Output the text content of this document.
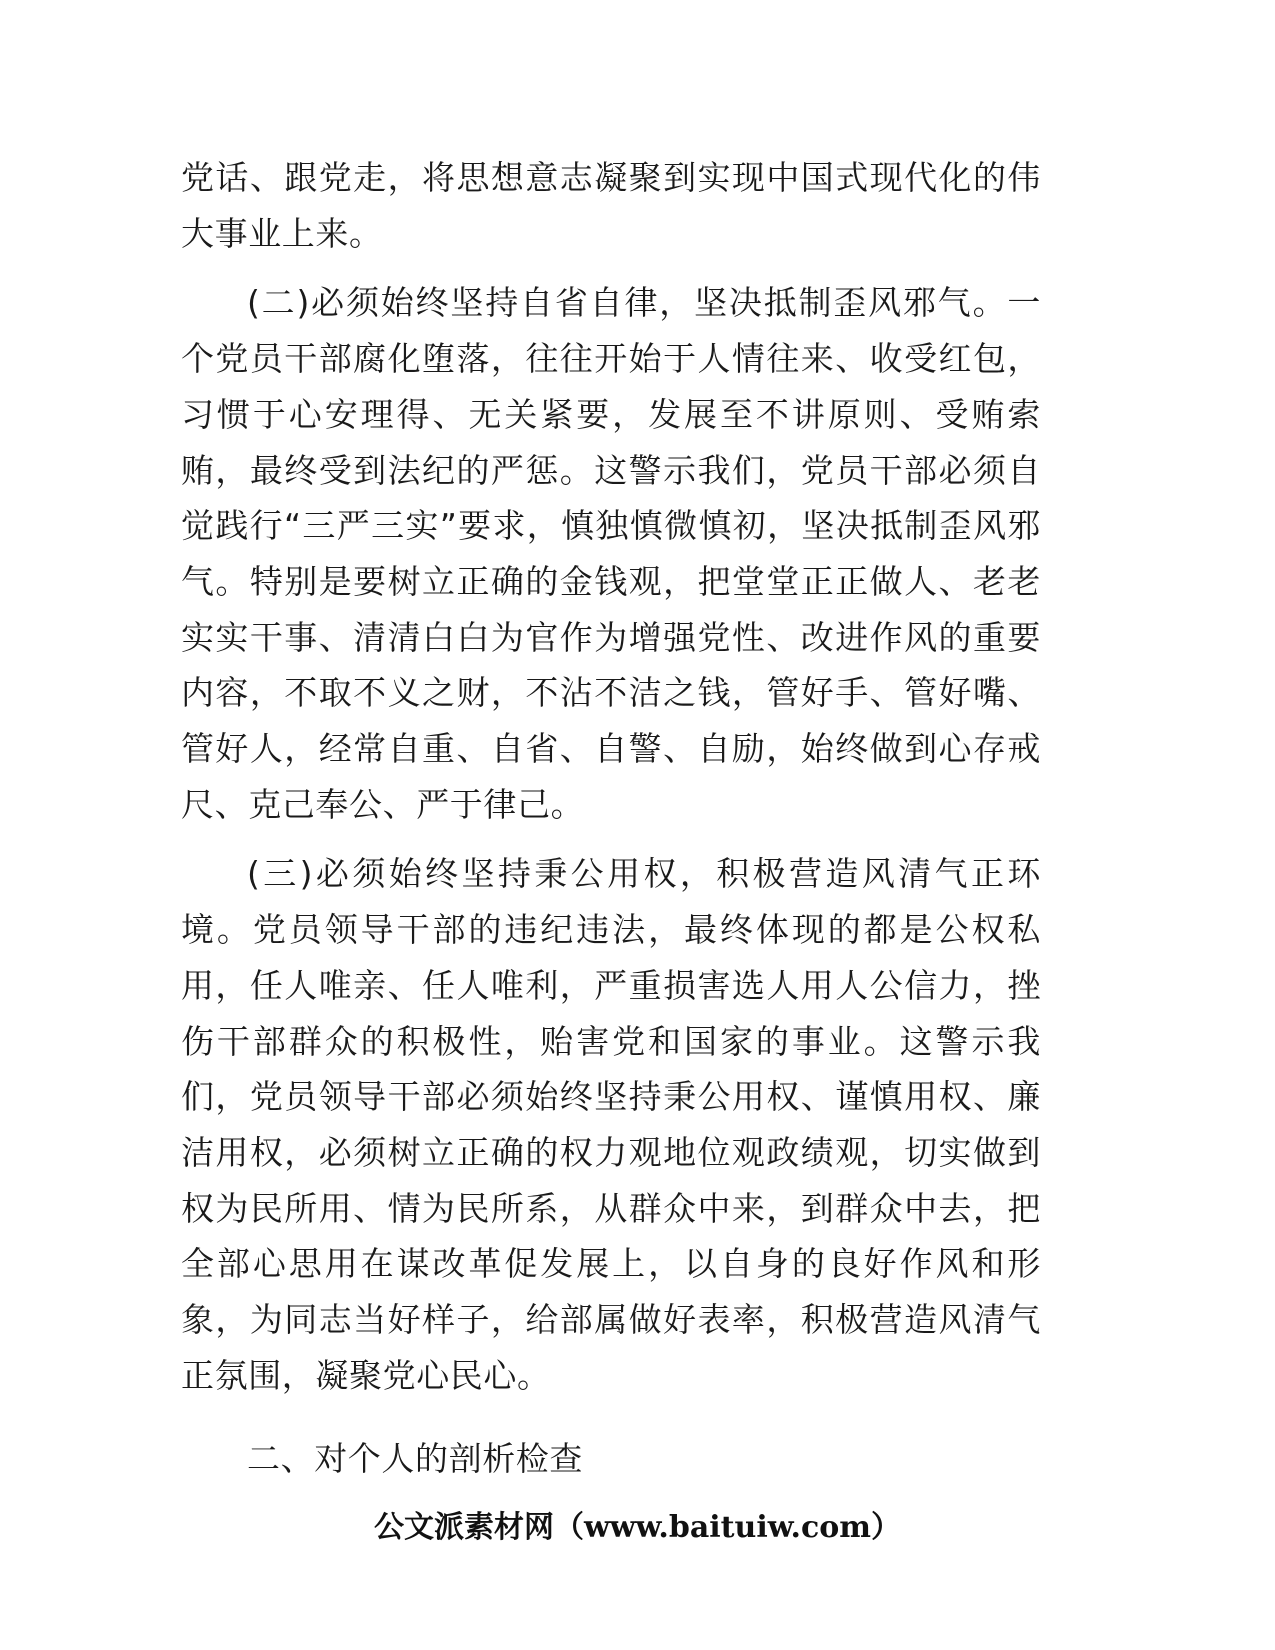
党话、跟党走，将思想意志凝聚到实现中国式现代化的伟大事业上来。

(二)必须始终坚持自省自律，坚决抵制歪风邪气。一个党员干部腐化堕落，往往开始于人情往来、收受红包，习惯于心安理得、无关紧要，发展至不讲原则、受贿索贿，最终受到法纪的严惩。这警示我们，党员干部必须自觉践行“三严三实”要求，慎独慎微慎初，坚决抵制歪风邪气。特别是要树立正确的金钱观，把堂堂正正做人、老老实实干事、清清白白为官作为增强党性、改进作风的重要内容，不取不义之财，不沾不洁之钱，管好手、管好嘴、管好人，经常自重、自省、自警、自励，始终做到心存戒尺、克己奉公、严于律己。

(三)必须始终坚持秉公用权，积极营造风清气正环境。党员领导干部的违纪违法，最终体现的都是公权私用，任人唯亲、任人唯利，严重损害选人用人公信力，挫伤干部群众的积极性，贻害党和国家的事业。这警示我们，党员领导干部必须始终坚持秉公用权、谨慎用权、廉洁用权，必须树立正确的权力观地位观政绩观，切实做到权为民所用、情为民所系，从群众中来，到群众中去，把全部心思用在谋改革促发展上，以自身的良好作风和形象，为同志当好样子，给部属做好表率，积极营造风清气正氛围，凝聚党心民心。

二、对个人的剖析检查

公文派素材网（www.baituiw.com）
